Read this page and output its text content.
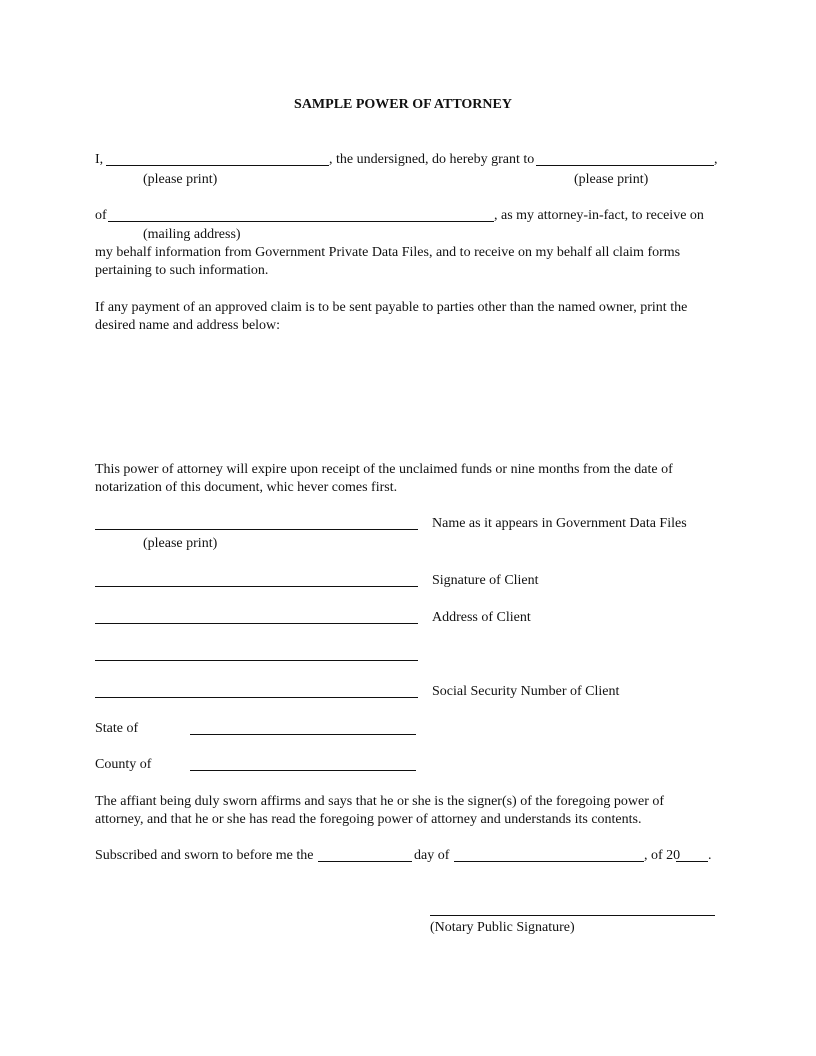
SAMPLE POWER OF ATTORNEY
I,	, the undersigned, do hereby grant to	,
(please print)	(please print)
of	, as my attorney-in-fact, to receive on
(mailing address)
my behalf information from Government Private Data Files, and to receive on my behalf all claim forms
pertaining to such information.
If any payment of an approved claim is to be sent payable to parties other than the named owner, print the
desired name and address below:
This power of attorney will expire upon receipt of the unclaimed funds or nine months from the date of
notarization of this document, whic hever comes first.
Name as it appears in Government Data Files
(please print)
Signature of Client
Address of Client
Social Security Number of Client
State of
County of
The affiant being duly sworn affirms and says that he or she is the signer(s) of the foregoing power of
attorney, and that he or she has read the foregoing power of attorney and understands its contents.
Subscribed and sworn to before me the	day of	, of 20 .
(Notary Public Signature)
